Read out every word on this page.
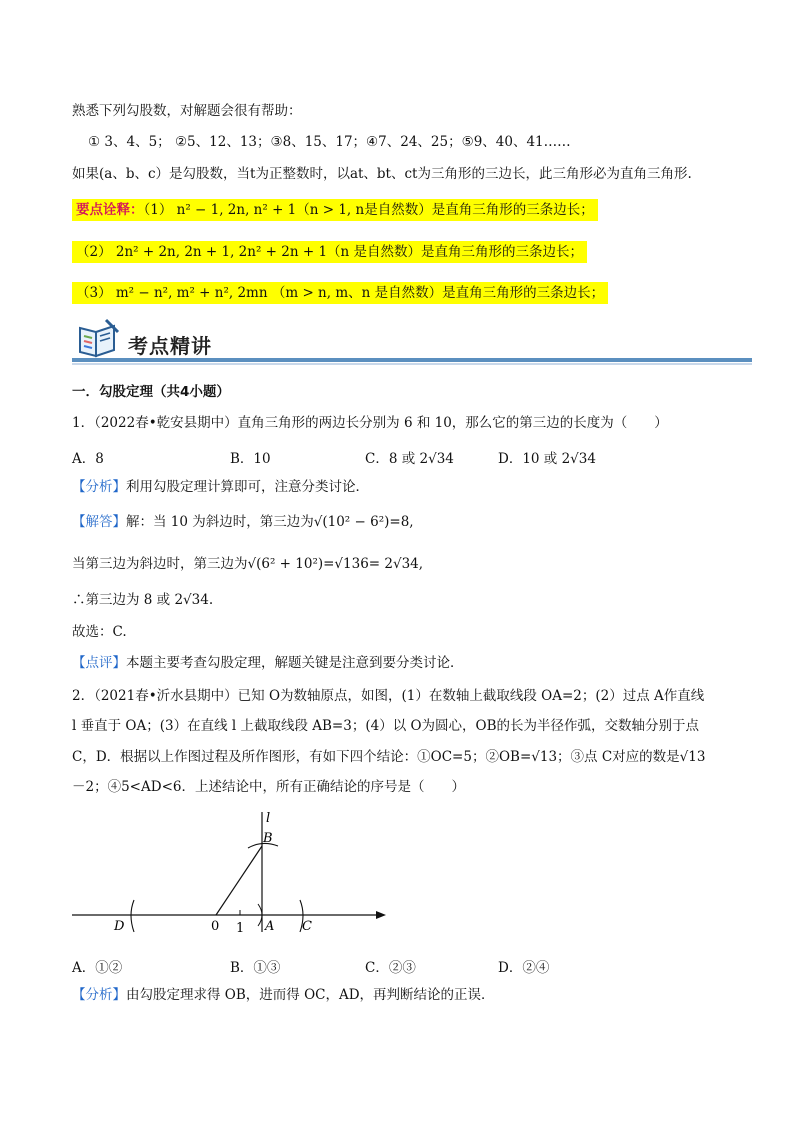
熟悉下列勾股数，对解题会很有帮助：
① 3、4、5； ②5、12、13；③8、15、17；④7、24、25；⑤9、40、41……
如果(a、b、c）是勾股数，当t为正整数时，以at、bt、ct为三角形的三边长，此三角形必为直角三角形.
要点诠释：（1） n² − 1, 2n, n² + 1（n > 1, n是自然数）是直角三角形的三条边长；
（2） 2n² + 2n, 2n + 1, 2n² + 2n + 1（n 是自然数）是直角三角形的三条边长；
（3） m² − n², m² + n², 2mn （m > n, m、n 是自然数）是直角三角形的三条边长；
考点精讲
一．勾股定理（共4小题）
1．（2022春•乾安县期中）直角三角形的两边长分别为 6 和 10，那么它的第三边的长度为（　　）
A．8	B．10	C．8 或 2√34	D．10 或 2√34
【分析】利用勾股定理计算即可，注意分类讨论．
【解答】解：当 10 为斜边时，第三边为√(10² − 6²)=8,
当第三边为斜边时，第三边为√(6² + 10²)=√136= 2√34,
∴第三边为 8 或 2√34.
故选：C.
【点评】本题主要考查勾股定理，解题关键是注意到要分类讨论．
2．（2021春•沂水县期中）已知 O为数轴原点，如图，(1）在数轴上截取线段 OA=2；(2）过点 A作直线
l 垂直于 OA；(3）在直线 l 上截取线段 AB=3；(4）以 O为圆心，OB的长为半径作弧，交数轴分别于点
C，D．根据以上作图过程及所作图形，有如下四个结论：①OC=5；②OB=√13；③点 C对应的数是√13
－2；④5<AD<6．上述结论中，所有正确结论的序号是（　　）
l
B
D	0 1 A C
A．①②	B．①③	C．②③	D．②④
【分析】由勾股定理求得 OB，进而得 OC，AD，再判断结论的正误．
